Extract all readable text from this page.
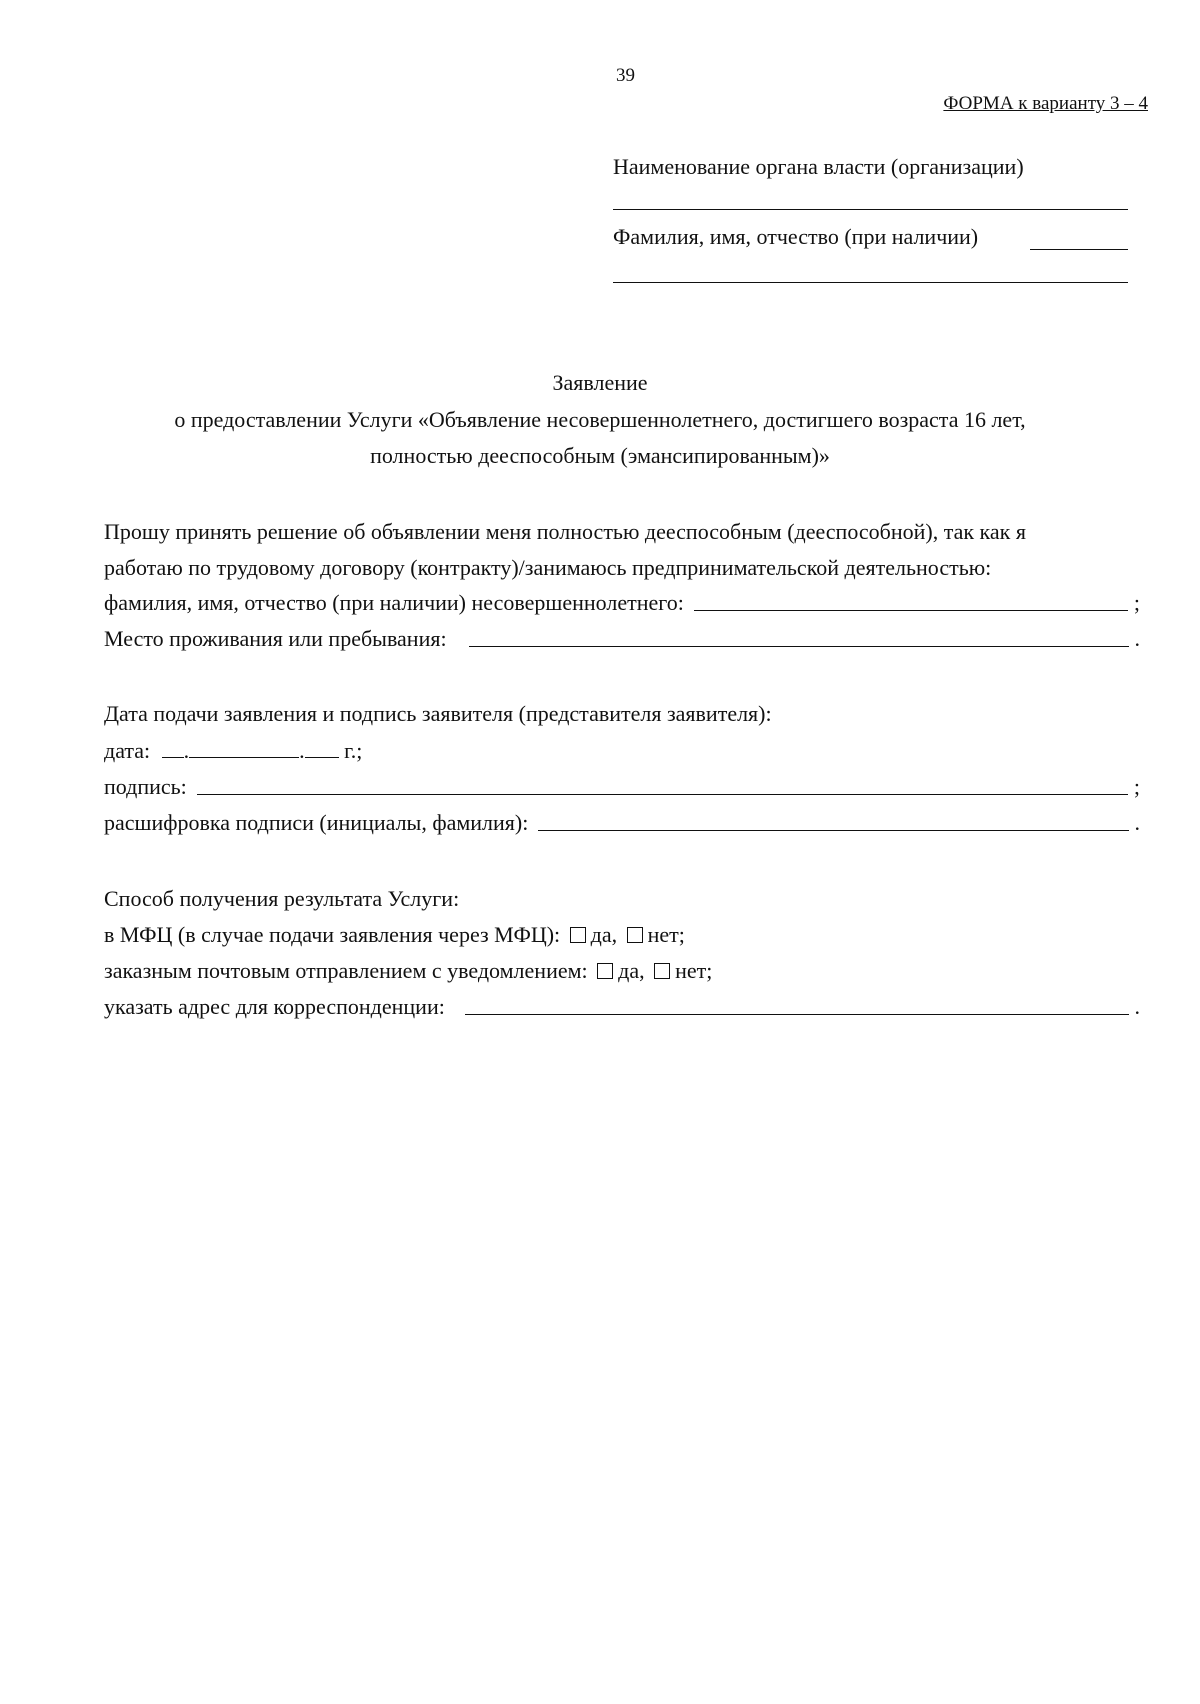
39
ФОРМА к варианту 3 – 4
Наименование органа власти (организации)
Фамилия, имя, отчество (при наличии)
Заявление
о предоставлении Услуги «Объявление несовершеннолетнего, достигшего возраста 16 лет,
полностью дееспособным (эмансипированным)»
Прошу принять решение об объявлении меня полностью дееспособным (дееспособной), так как я
работаю по трудовому договору (контракту)/занимаюсь предпринимательской деятельностью:
фамилия, имя, отчество (при наличии) несовершеннолетнего:	;
Место проживания или пребывания:	.
Дата подачи заявления и подпись заявителя (представителя заявителя):
дата: .	. г.;
подпись:	;
расшифровка подписи (инициалы, фамилия):	.
Способ получения результата Услуги:
в МФЦ (в случае подачи заявления через МФЦ): да, нет;
заказным почтовым отправлением с уведомлением: да, нет;
указать адрес для корреспонденции:	.
